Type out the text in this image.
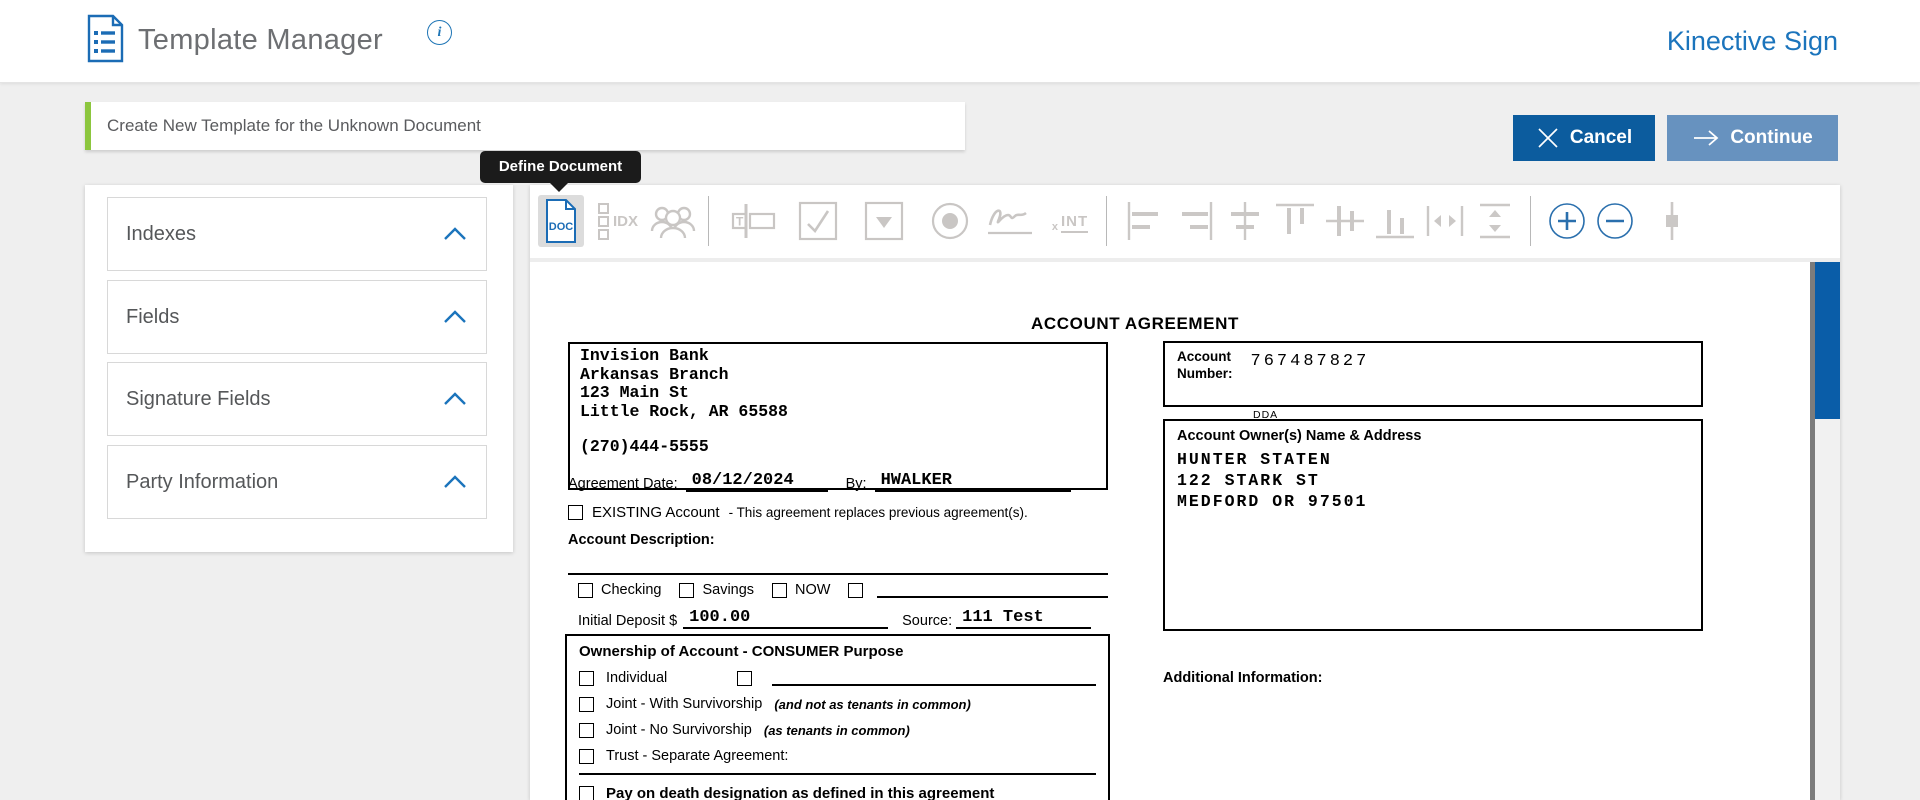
Template Manager	i	Kinective Sign
Create New Template for the Unknown Document
Cancel	Continue
Define Document
Indexes
Fields
Signature Fields
Party Information
DOC	IDX	T	x INT
ACCOUNT AGREEMENT
Invision Bank
Arkansas Branch
123 Main St
Little Rock, AR 65588
(270)444-5555
Agreement Date: 08/12/2024	By: HWALKER
EXISTING Account - This agreement replaces previous agreement(s).
Account Description:
Checking	Savings	NOW
Initial Deposit $ 100.00	Source: 111 Test
Ownership of Account - CONSUMER Purpose
Individual
Joint - With Survivorship (and not as tenants in common)
Joint - No Survivorship (as tenants in common)
Trust - Separate Agreement:
Pay on death designation as defined in this agreement
Account
Number:
767487827
DDA
Account Owner(s) Name & Address
HUNTER STATEN
122 STARK ST
MEDFORD OR 97501
Additional Information:
